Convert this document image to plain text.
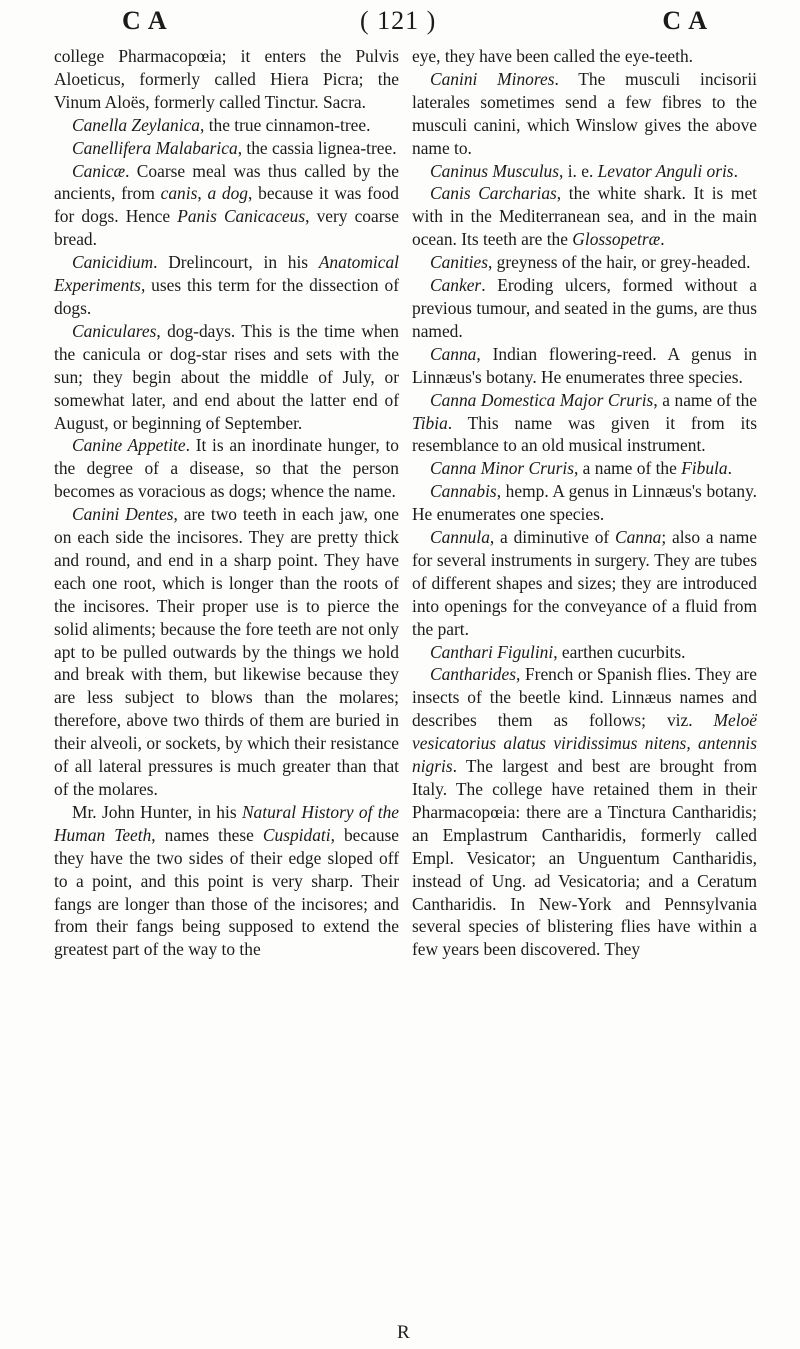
C A	( 121 )	C A

college Pharmacopœia; it enters the Pulvis Aloeticus, formerly called Hiera Picra; the Vinum Aloës, formerly called Tinctur. Sacra.

Canella Zeylanica, the true cinnamon-tree.

Canellifera Malabarica, the cassia lignea-tree.

Canicæ. Coarse meal was thus called by the ancients, from canis, a dog, because it was food for dogs. Hence Panis Canicaceus, very coarse bread.

Canicidium. Drelincourt, in his Anatomical Experiments, uses this term for the dissection of dogs.

Caniculares, dog-days. This is the time when the canicula or dog-star rises and sets with the sun; they begin about the middle of July, or somewhat later, and end about the latter end of August, or beginning of September.

Canine Appetite. It is an inordinate hunger, to the degree of a disease, so that the person becomes as voracious as dogs; whence the name.

Canini Dentes, are two teeth in each jaw, one on each side the incisores. They are pretty thick and round, and end in a sharp point. They have each one root, which is longer than the roots of the incisores. Their proper use is to pierce the solid aliments; because the fore teeth are not only apt to be pulled outwards by the things we hold and break with them, but likewise because they are less subject to blows than the molares; therefore, above two thirds of them are buried in their alveoli, or sockets, by which their resistance of all lateral pressures is much greater than that of the molares.

Mr. John Hunter, in his Natural History of the Human Teeth, names these Cuspidati, because they have the two sides of their edge sloped off to a point, and this point is very sharp. Their fangs are longer than those of the incisores; and from their fangs being supposed to extend the greatest part of the way to the

eye, they have been called the eye-teeth.

Canini Minores. The musculi incisorii laterales sometimes send a few fibres to the musculi canini, which Winslow gives the above name to.

Caninus Musculus, i. e. Levator Anguli oris.

Canis Carcharias, the white shark. It is met with in the Mediterranean sea, and in the main ocean. Its teeth are the Glossopetræ.

Canities, greyness of the hair, or grey-headed.

Canker. Eroding ulcers, formed without a previous tumour, and seated in the gums, are thus named.

Canna, Indian flowering-reed. A genus in Linnæus's botany. He enumerates three species.

Canna Domestica Major Cruris, a name of the Tibia. This name was given it from its resemblance to an old musical instrument.

Canna Minor Cruris, a name of the Fibula.

Cannabis, hemp. A genus in Linnæus's botany. He enumerates one species.

Cannula, a diminutive of Canna; also a name for several instruments in surgery. They are tubes of different shapes and sizes; they are introduced into openings for the conveyance of a fluid from the part.

Canthari Figulini, earthen cucurbits.

Cantharides, French or Spanish flies. They are insects of the beetle kind. Linnæus names and describes them as follows; viz. Meloë vesicatorius alatus viridissimus nitens, antennis nigris. The largest and best are brought from Italy. The college have retained them in their Pharmacopœia: there are a Tinctura Cantharidis; an Emplastrum Cantharidis, formerly called Empl. Vesicator; an Unguentum Cantharidis, instead of Ung. ad Vesicatoria; and a Ceratum Cantharidis. In New-York and Pennsylvania several species of blistering flies have within a few years been discovered. They

R
